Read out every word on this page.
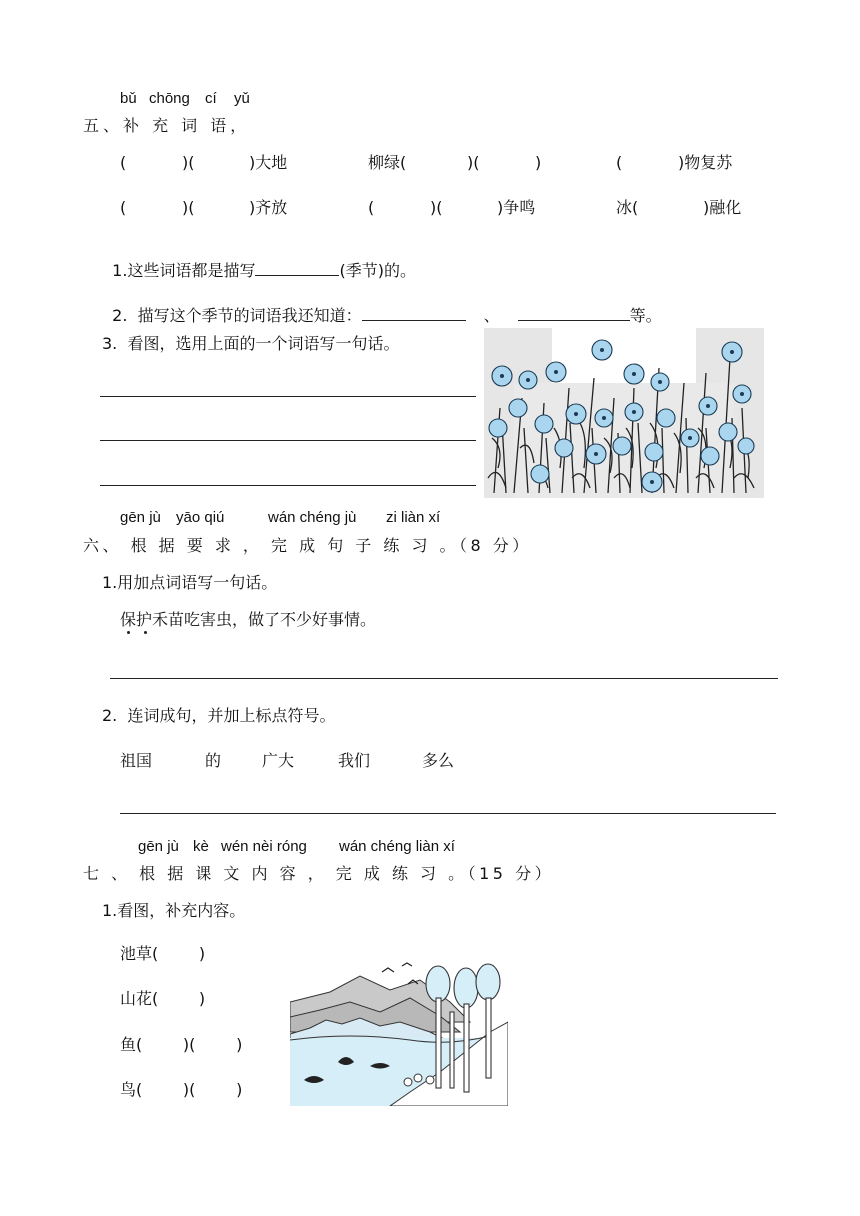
bǔ chōng cí yǔ
五、补 充 词 语，
(	)(	)大地	柳绿(	)(	)	(	)物复苏
(	)(	)齐放	(	)(	)争鸣	冰(	)融化

1.这些词语都是描写	(季节)的。

2.  描写这个季节的词语我还知道：	、	等。

3.  看图，选用上面的一个词语写一句话。
gēn jù yāo qiú	wán chéng jù zi liàn xí
六、 根 据 要 求 ， 完 成 句 子 练 习 。（8 分）
1.用加点词语写一句话。
保护禾苗吃害虫，做了不少好事情。
2.  连词成句，并加上标点符号。
祖国	的	广大	我们	多么
gēn jù kè wén nèi róng wán chéng liàn xí
七 、 根 据 课 文 内 容 ， 完 成 练 习 。（15 分）
1.看图，补充内容。
池草(        )
山花(        )
鱼(        )(        )
鸟(        )(        )
